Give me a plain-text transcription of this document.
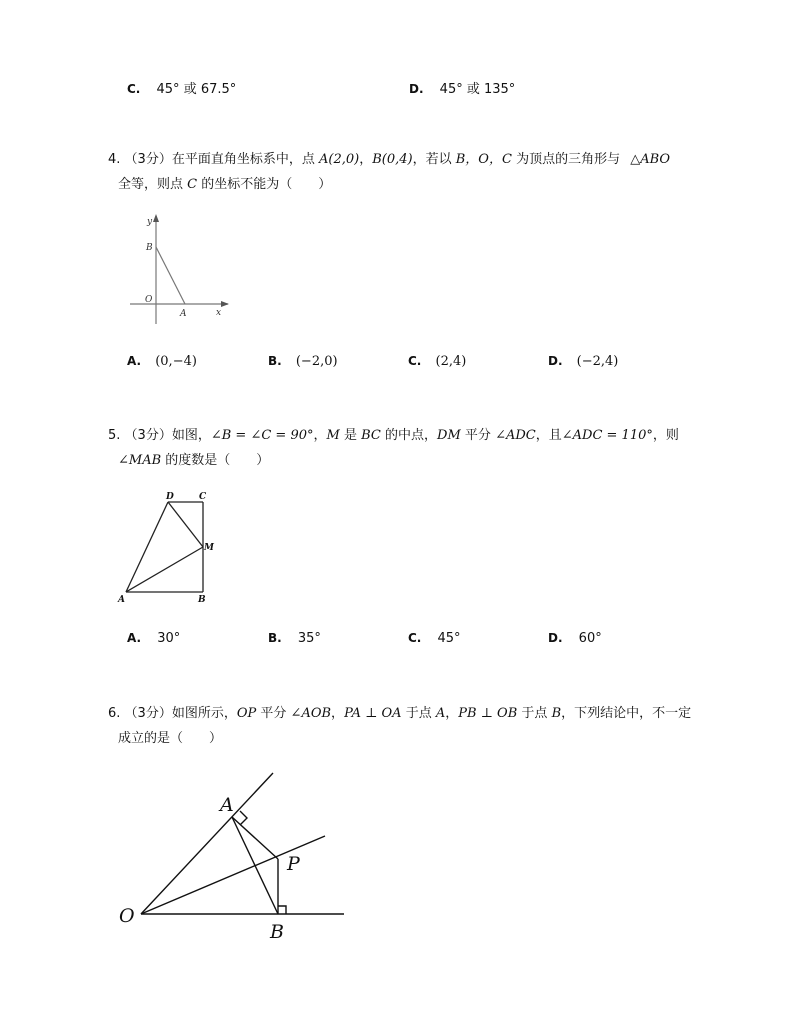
C. 45° 或 67.5°	D. 45° 或 135°
4. （3分）在平面直角坐标系中，点 A(2,0)，B(0,4)，若以 B，O，C 为顶点的三角形与 △ABO
全等，则点 C 的坐标不能为（　　）
y
x
B
O
A
A. (0,−4)	B. (−2,0)	C. (2,4)	D. (−2,4)
5. （3分）如图，∠B = ∠C = 90°，M 是 BC 的中点，DM 平分 ∠ADC，且∠ADC = 110°，则
∠MAB 的度数是（　　）
D	C
M
A	B
A. 30°	B. 35°	C. 45°	D. 60°
6. （3分）如图所示，OP 平分 ∠AOB，PA ⊥ OA 于点 A，PB ⊥ OB 于点 B，下列结论中，不一定
成立的是（　　）
O
A
P
B
